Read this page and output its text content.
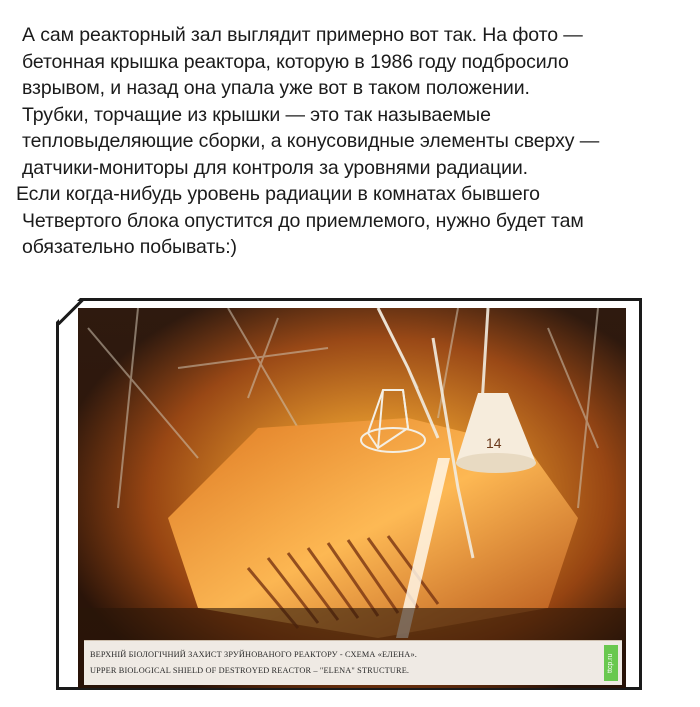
А сам реакторный зал выглядит примерно вот так. На фото —
бетонная крышка реактора, которую в 1986 году подбросило
взрывом, и назад она упала уже вот в таком положении.
Трубки, торчащие из крышки — это так называемые
тепловыделяющие сборки, а конусовидные элементы сверху —
датчики-мониторы для контроля за уровнями радиации.
Если когда-нибудь уровень радиации в комнатах бывшего
Четвертого блока опустится до приемлемого, нужно будет там
обязательно побывать:)
14
ВЕРХНІЙ БІОЛОГІЧНИЙ ЗАХИСТ ЗРУЙНОВАНОГО РЕАКТОРУ - СХЕМА «ЕЛЕНА».
UPPER BIOLOGICAL SHIELD OF DESTROYED REACTOR – "ELENA" STRUCTURE.	ttcp.ru
